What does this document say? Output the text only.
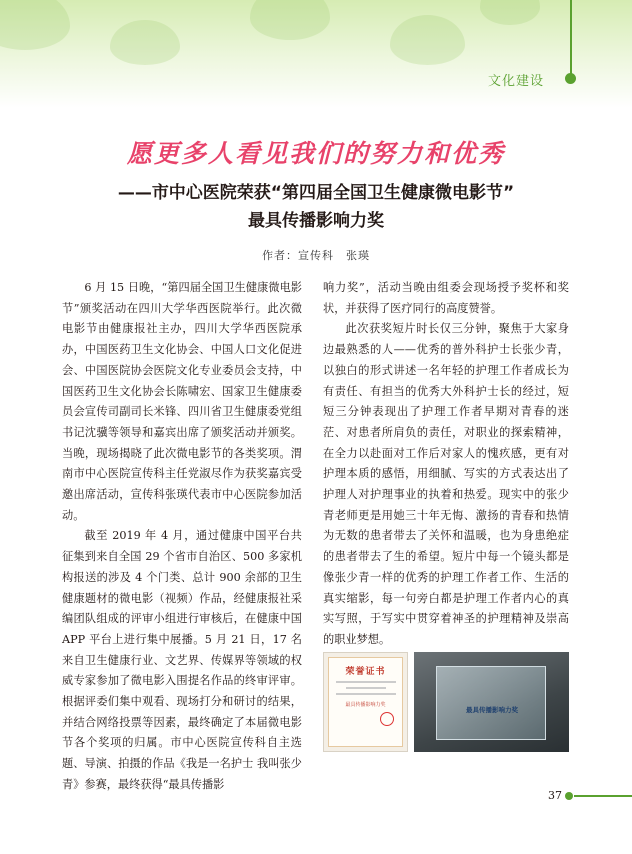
文化建设
愿更多人看见我们的努力和优秀
——市中心医院荣获“第四届全国卫生健康微电影节”
最具传播影响力奖
作者：宣传科　张瑛

6 月 15 日晚，“第四届全国卫生健康微电影节”颁奖活动在四川大学华西医院举行。此次微电影节由健康报社主办，四川大学华西医院承办，中国医药卫生文化协会、中国人口文化促进会、中国医院协会医院文化专业委员会支持，中国医药卫生文化协会长陈啸宏、国家卫生健康委员会宣传司副司长米锋、四川省卫生健康委党组书记沈骥等领导和嘉宾出席了颁奖活动并颁奖。当晚，现场揭晓了此次微电影节的各类奖项。渭南市中心医院宣传科主任党淑尽作为获奖嘉宾受邀出席活动，宣传科张瑛代表市中心医院参加活动。

截至 2019 年 4 月，通过健康中国平台共征集到来自全国 29 个省市自治区、500 多家机构报送的涉及 4 个门类、总计 900 余部的卫生健康题材的微电影（视频）作品，经健康报社采编团队组成的评审小组进行审核后，在健康中国 APP 平台上进行集中展播。5 月 21 日，17 名来自卫生健康行业、文艺界、传媒界等领域的权威专家参加了微电影入围提名作品的终审评审。根据评委们集中观看、现场打分和研讨的结果，并结合网络投票等因素，最终确定了本届微电影节各个奖项的归属。市中心医院宣传科自主选题、导演、拍摄的作品《我是一名护士 我叫张少青》参赛，最终获得“最具传播影

响力奖”，活动当晚由组委会现场授予奖杯和奖状，并获得了医疗同行的高度赞誉。

此次获奖短片时长仅三分钟，聚焦于大家身边最熟悉的人——优秀的普外科护士长张少青，以独白的形式讲述一名年轻的护理工作者成长为有责任、有担当的优秀大外科护士长的经过，短短三分钟表现出了护理工作者早期对青春的迷茫、对患者所肩负的责任，对职业的探索精神，在全力以赴面对工作后对家人的愧疚感，更有对护理本质的感悟，用细腻、写实的方式表达出了护理人对护理事业的执着和热爱。现实中的张少青老师更是用她三十年无悔、激扬的青春和热情为无数的患者带去了关怀和温暖，也为身患绝症的患者带去了生的希望。短片中每一个镜头都是像张少青一样的优秀的护理工作者工作、生活的真实缩影，每一句旁白都是护理工作者内心的真实写照，于写实中贯穿着神圣的护理精神及崇高的职业梦想。

荣誉证书
最具传播影响力奖
最具传播影响力奖
37
